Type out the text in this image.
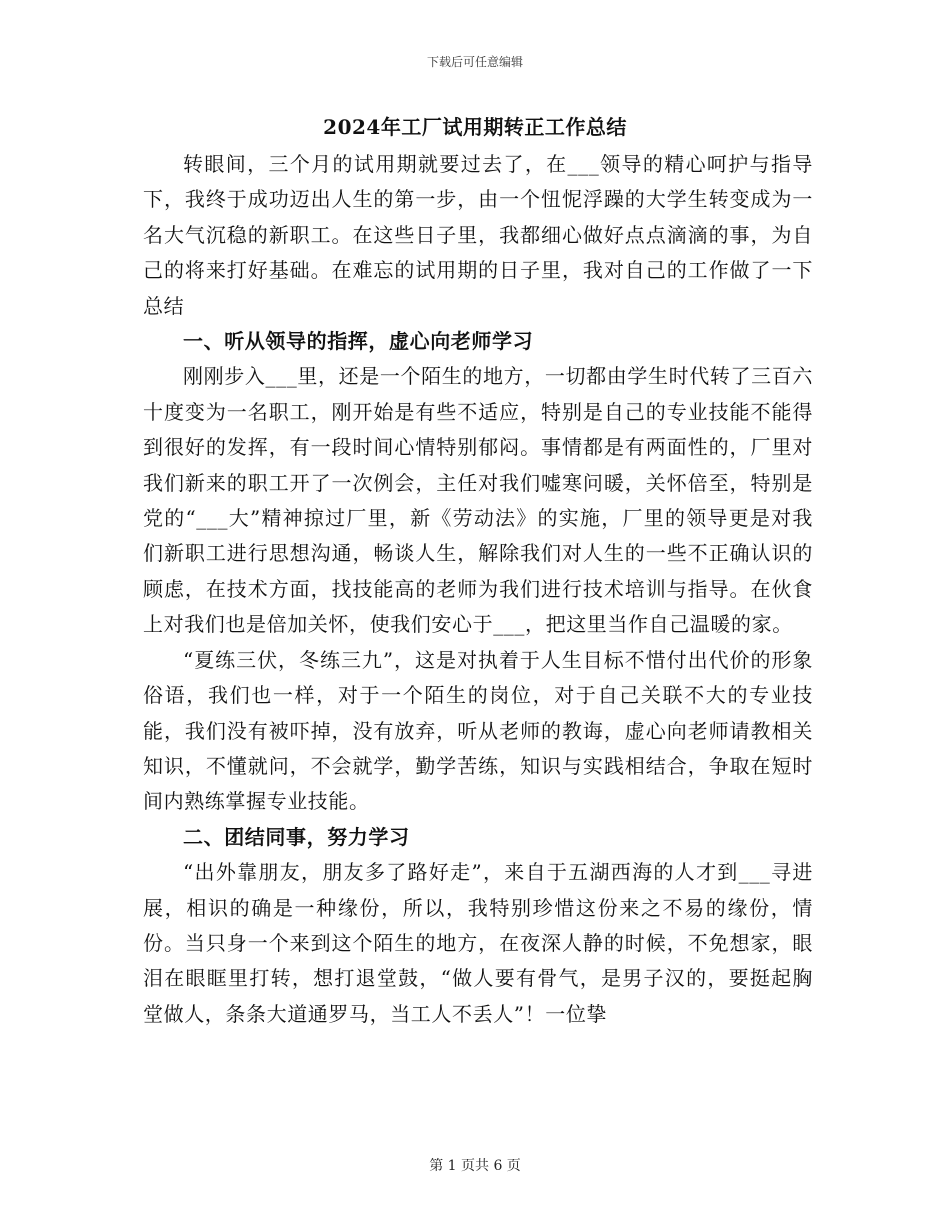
下载后可任意编辑
2024年工厂试用期转正工作总结

转眼间，三个月的试用期就要过去了，在___领导的精心呵护与指导下，我终于成功迈出人生的第一步，由一个忸怩浮躁的大学生转变成为一名大气沉稳的新职工。在这些日子里，我都细心做好点点滴滴的事，为自己的将来打好基础。在难忘的试用期的日子里，我对自己的工作做了一下总结

一、听从领导的指挥，虚心向老师学习

刚刚步入___里，还是一个陌生的地方，一切都由学生时代转了三百六十度变为一名职工，刚开始是有些不适应，特别是自己的专业技能不能得到很好的发挥，有一段时间心情特别郁闷。事情都是有两面性的，厂里对我们新来的职工开了一次例会，主任对我们嘘寒问暖，关怀倍至，特别是党的“___大”精神掠过厂里，新《劳动法》的实施，厂里的领导更是对我们新职工进行思想沟通，畅谈人生，解除我们对人生的一些不正确认识的顾虑，在技术方面，找技能高的老师为我们进行技术培训与指导。在伙食上对我们也是倍加关怀，使我们安心于___，把这里当作自己温暖的家。

“夏练三伏，冬练三九”，这是对执着于人生目标不惜付出代价的形象俗语，我们也一样，对于一个陌生的岗位，对于自己关联不大的专业技能，我们没有被吓掉，没有放弃，听从老师的教诲，虚心向老师请教相关知识，不懂就问，不会就学，勤学苦练，知识与实践相结合，争取在短时间内熟练掌握专业技能。

二、团结同事，努力学习

“出外靠朋友，朋友多了路好走”，来自于五湖西海的人才到___寻进展，相识的确是一种缘份，所以，我特别珍惜这份来之不易的缘份，情份。当只身一个来到这个陌生的地方，在夜深人静的时候，不免想家，眼泪在眼眶里打转，想打退堂鼓，“做人要有骨气，是男子汉的，要挺起胸堂做人，条条大道通罗马，当工人不丢人”！一位挚

第 1 页共 6 页
